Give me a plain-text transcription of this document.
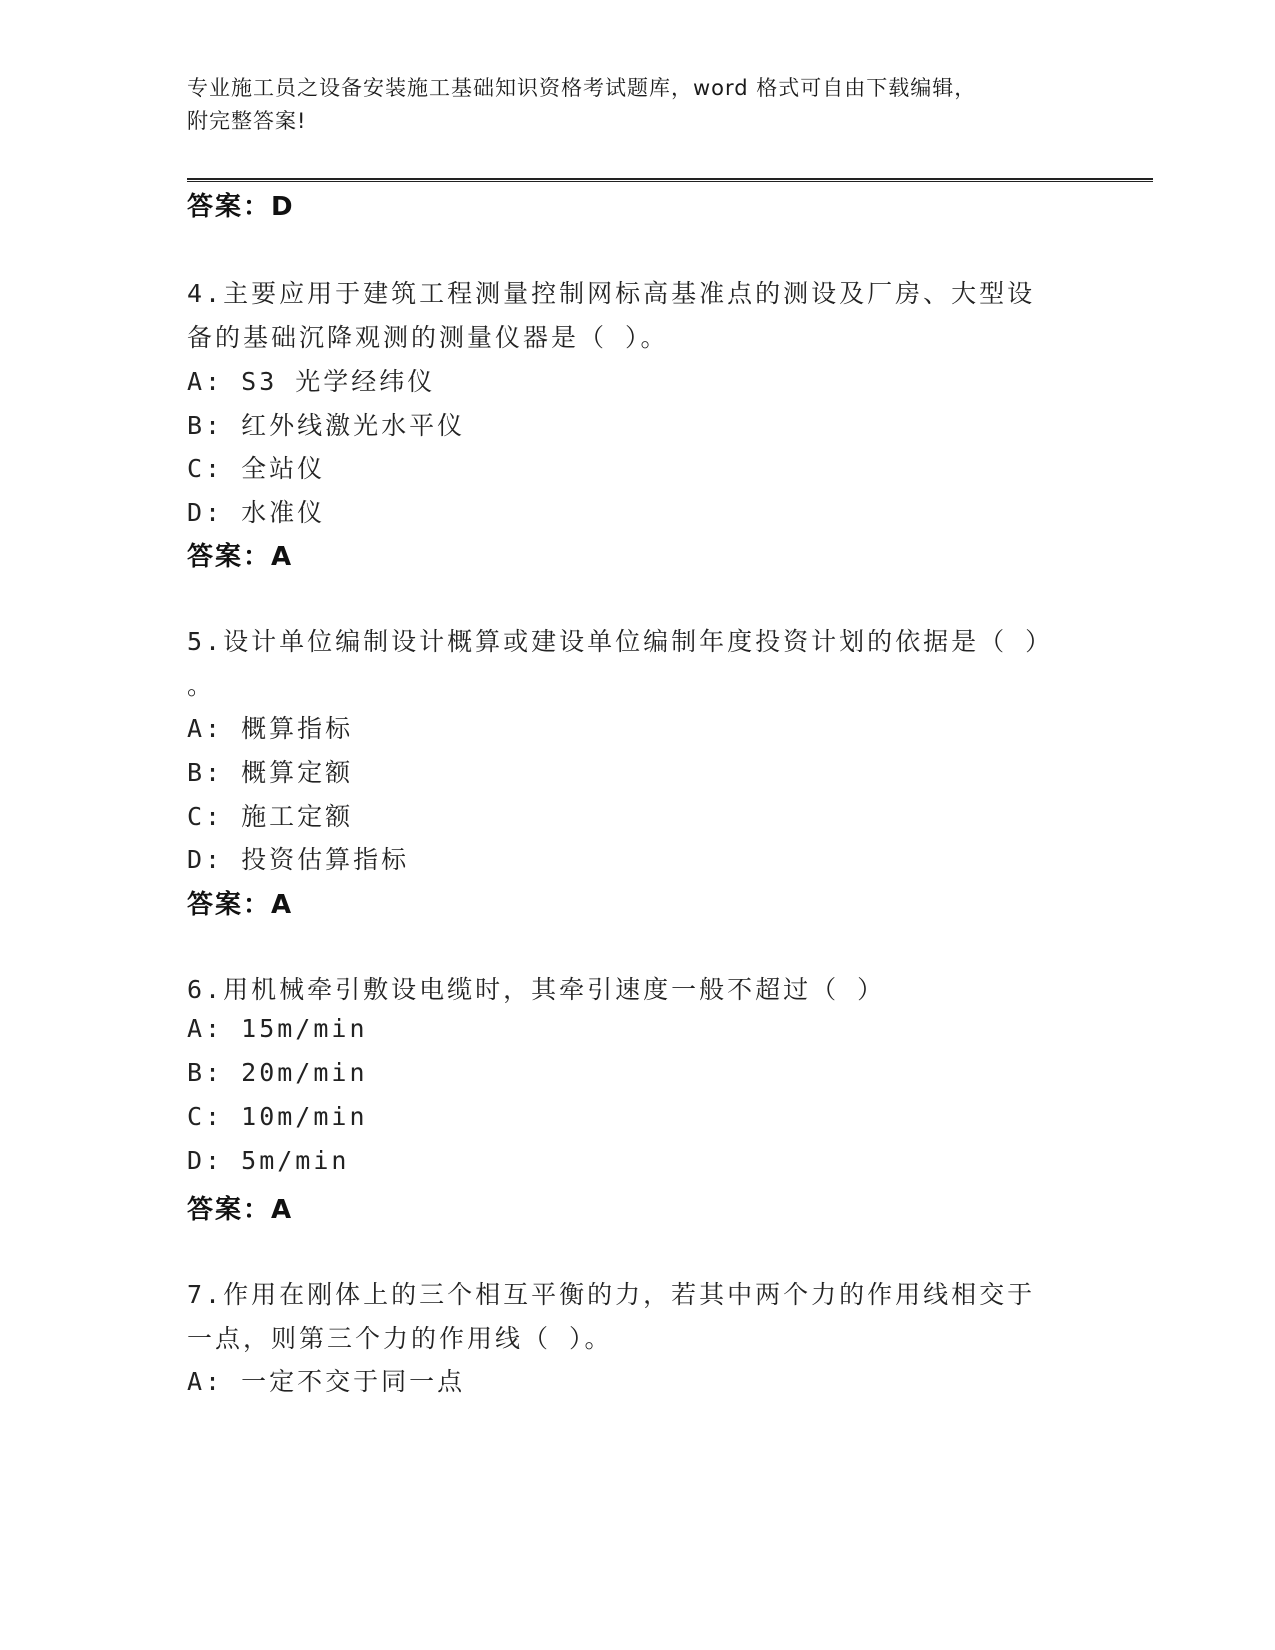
专业施工员之设备安装施工基础知识资格考试题库，word 格式可自由下载编辑，
附完整答案!
答案：D
4.主要应用于建筑工程测量控制网标高基准点的测设及厂房、大型设
备的基础沉降观测的测量仪器是（ ）。
A: S3 光学经纬仪
B: 红外线激光水平仪
C: 全站仪
D: 水准仪
答案：A
5.设计单位编制设计概算或建设单位编制年度投资计划的依据是（ ）
。
A: 概算指标
B: 概算定额
C: 施工定额
D: 投资估算指标
答案：A
6.用机械牵引敷设电缆时，其牵引速度一般不超过（ ）
A: 15m/min
B: 20m/min
C: 10m/min
D: 5m/min
答案：A
7.作用在刚体上的三个相互平衡的力，若其中两个力的作用线相交于
一点，则第三个力的作用线（ ）。
A: 一定不交于同一点
